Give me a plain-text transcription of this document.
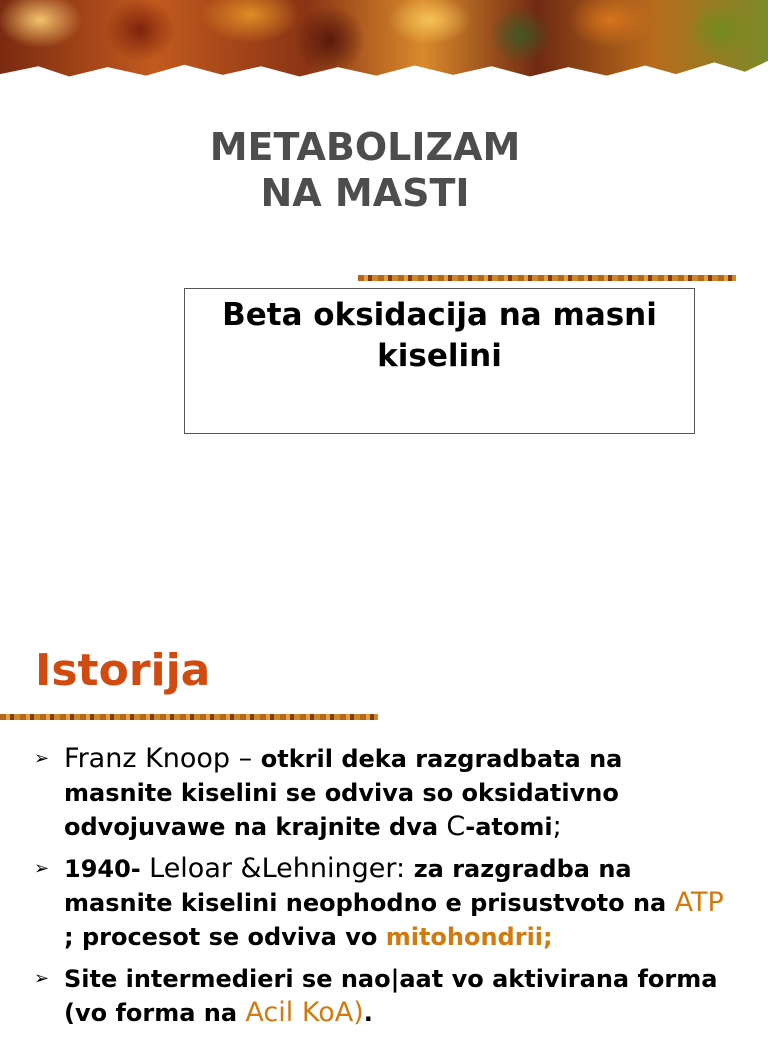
METABOLIZAM
NA MASTI
Beta oksidacija na masni
kiselini
Istorija
➢ Franz Knoop – otkril deka razgradbata na masnite kiselini se odviva so oksidativno odvojuvawe na krajnite dva C-atomi;
➢ 1940- Leloar &Lehninger: za razgradba na masnite kiselini neophodno e prisustvoto na ATP ; procesot se odviva vo mitohondrii;
➢ Site intermedieri se nao|aat vo aktivirana forma (vo forma na Acil KoA).
